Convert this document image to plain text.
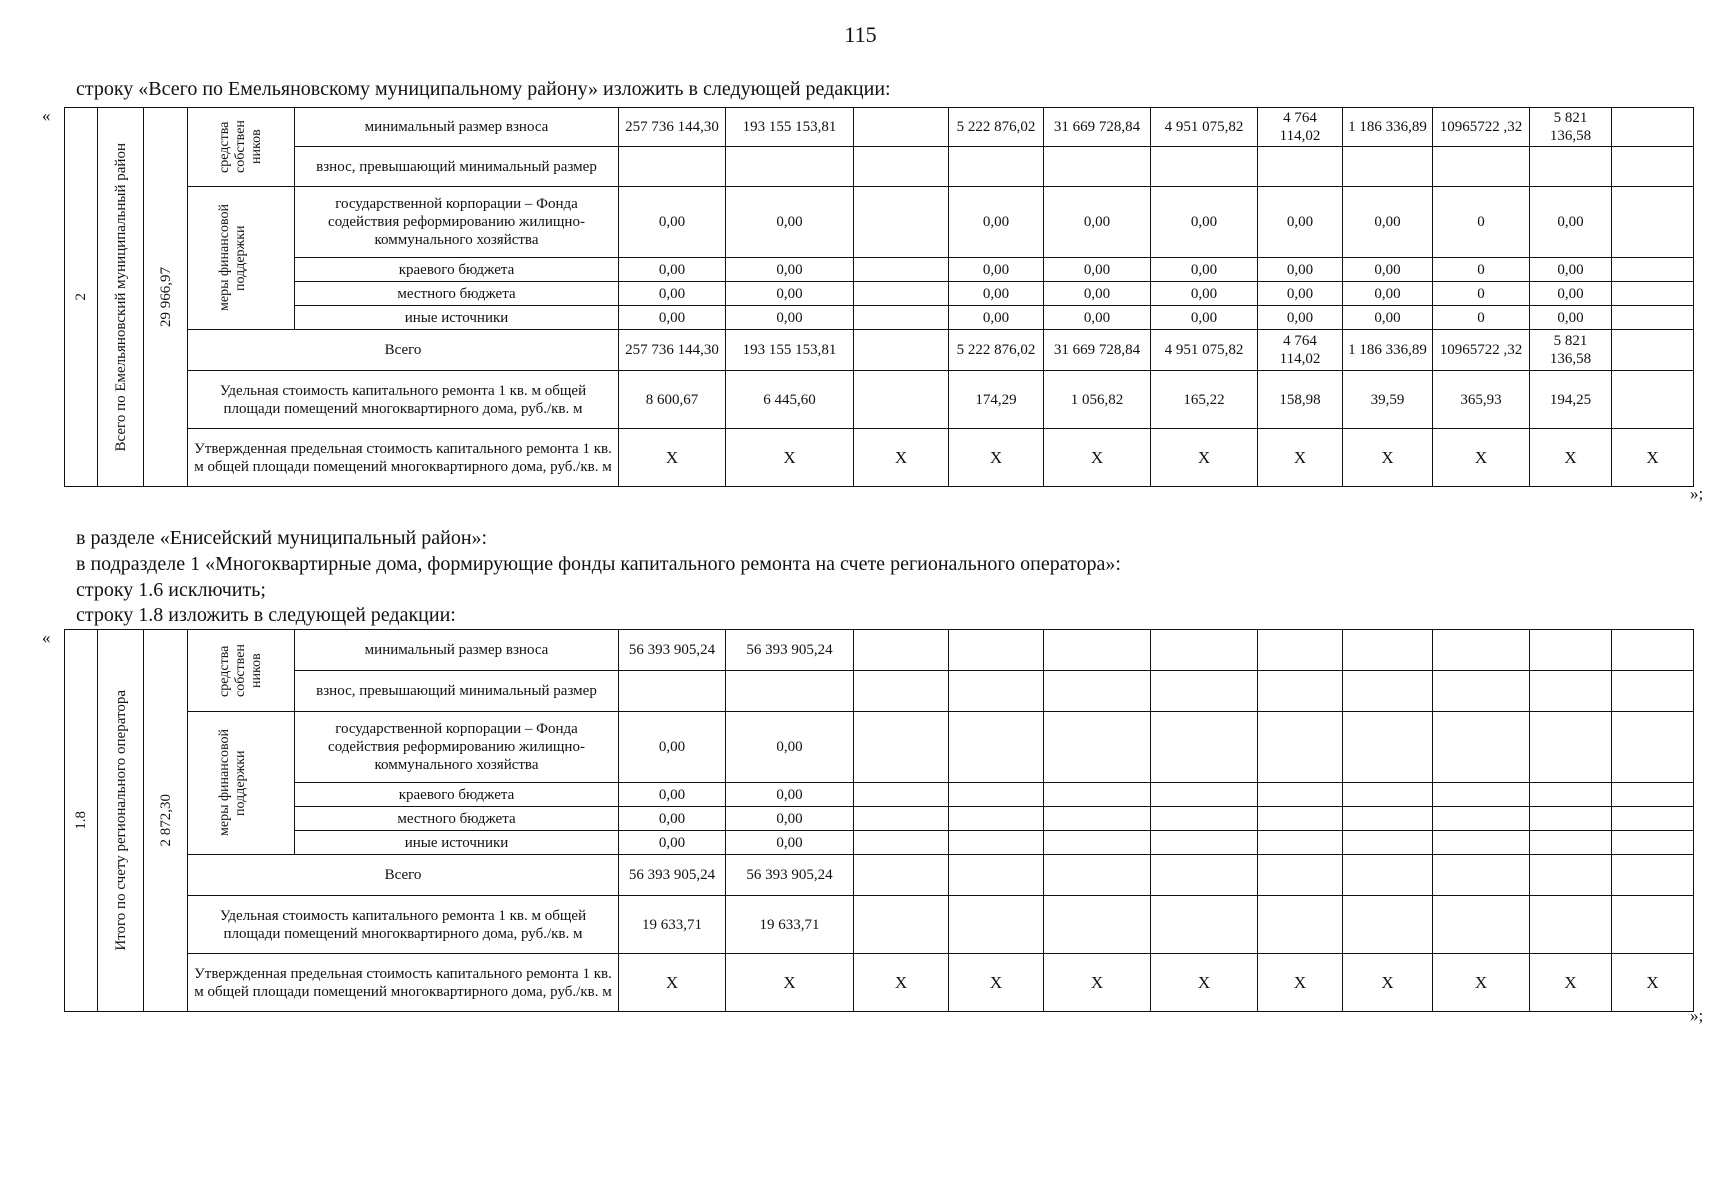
115
строку «Всего по Емельяновскому муниципальному району» изложить в следующей редакции:
«
»;
2	Всего по Емельяновский муниципальный район	29 966,97	средства собствен ников	минимальный размер взноса	257 736 144,30	193 155 153,81		5 222 876,02	31 669 728,84	4 951 075,82	4 764 114,02	1 186 336,89	10965722 ,32	5 821 136,58	
				взнос, превышающий минимальный размер											

			меры финансовой поддержки	государственной корпорации – Фонда содействия реформированию жилищно-коммунального хозяйства	0,00	0,00		0,00	0,00	0,00	0,00	0,00	0	0,00	
				краевого бюджета	0,00	0,00		0,00	0,00	0,00	0,00	0,00	0	0,00	
				местного бюджета	0,00	0,00		0,00	0,00	0,00	0,00	0,00	0	0,00	
				иные источники	0,00	0,00		0,00	0,00	0,00	0,00	0,00	0	0,00	
			Всего		257 736 144,30	193 155 153,81		5 222 876,02	31 669 728,84	4 951 075,82	4 764 114,02	1 186 336,89	10965722 ,32	5 821 136,58	
			Удельная стоимость капитального ремонта 1 кв. м общей площади помещений многоквартирного дома, руб./кв. м		8 600,67	6 445,60		174,29	1 056,82	165,22	158,98	39,59	365,93	194,25	
			Утвержденная предельная стоимость капитального ремонта 1 кв. м общей площади помещений многоквартирного дома, руб./кв. м		X	X	X	X	X	X	X	X	X	X	X
в разделе «Енисейский муниципальный район»:
в подразделе 1 «Многоквартирные дома, формирующие фонды капитального ремонта на счете регионального оператора»:
строку 1.6 исключить;
строку 1.8 изложить в следующей редакции:
«
»;
1.8	Итого по счету регионального оператора	2 872,30	средства собствен ников	минимальный размер взноса	56 393 905,24	56 393 905,24									
				взнос, превышающий минимальный размер											

			меры финансовой поддержки	государственной корпорации – Фонда содействия реформированию жилищно-коммунального хозяйства	0,00	0,00									
				краевого бюджета	0,00	0,00									
				местного бюджета	0,00	0,00									
				иные источники	0,00	0,00									
			Всего		56 393 905,24	56 393 905,24									
			Удельная стоимость капитального ремонта 1 кв. м общей площади помещений многоквартирного дома, руб./кв. м		19 633,71	19 633,71									
			Утвержденная предельная стоимость капитального ремонта 1 кв. м общей площади помещений многоквартирного дома, руб./кв. м		X	X	X	X	X	X	X	X	X	X	X
